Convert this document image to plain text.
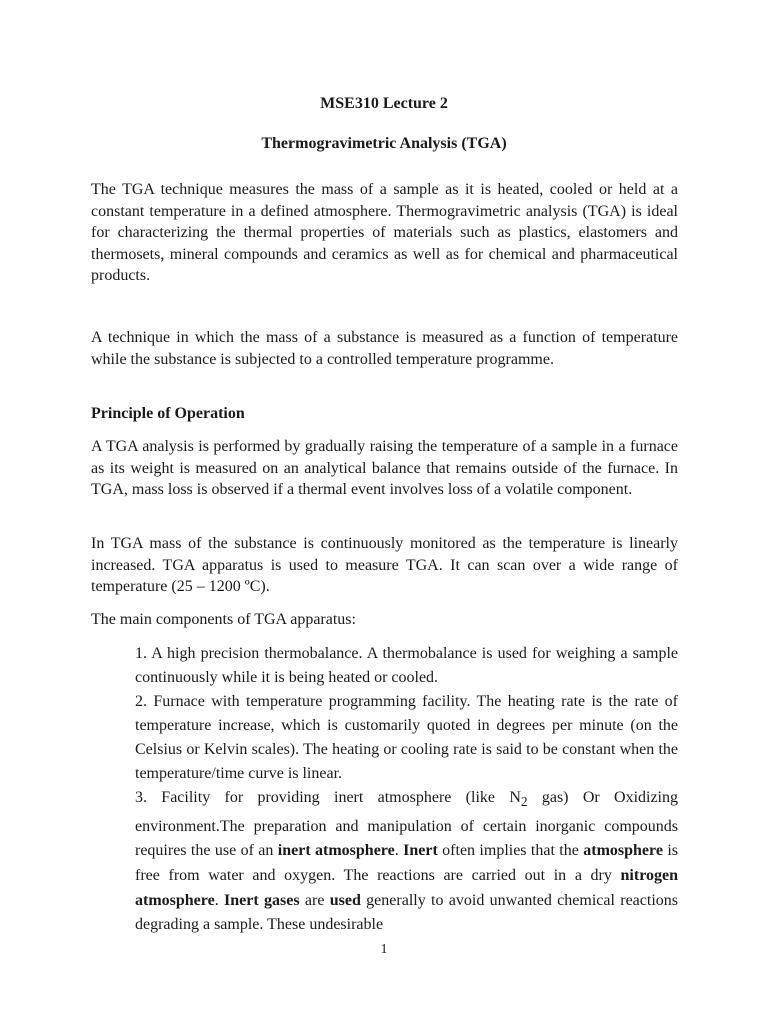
MSE310 Lecture 2
Thermogravimetric Analysis (TGA)

The TGA technique measures the mass of a sample as it is heated, cooled or held at a constant temperature in a defined atmosphere. Thermogravimetric analysis (TGA) is ideal for characterizing the thermal properties of materials such as plastics, elastomers and thermosets, mineral compounds and ceramics as well as for chemical and pharmaceutical products.

A technique in which the mass of a substance is measured as a function of temperature while the substance is subjected to a controlled temperature programme.

Principle of Operation

A TGA analysis is performed by gradually raising the temperature of a sample in a furnace as its weight is measured on an analytical balance that remains outside of the furnace. In TGA, mass loss is observed if a thermal event involves loss of a volatile component.

In TGA mass of the substance is continuously monitored as the temperature is linearly increased. TGA apparatus is used to measure TGA. It can scan over a wide range of temperature (25 – 1200 ºC).

The main components of TGA apparatus:

1. A high precision thermobalance. A thermobalance is used for weighing a sample continuously while it is being heated or cooled.

2. Furnace with temperature programming facility. The heating rate is the rate of temperature increase, which is customarily quoted in degrees per minute (on the Celsius or Kelvin scales). The heating or cooling rate is said to be constant when the temperature/time curve is linear.

3. Facility for providing inert atmosphere (like $N_2$ gas) Or Oxidizing environment.The preparation and manipulation of certain inorganic compounds requires the use of an inert atmosphere. Inert often implies that the atmosphere is free from water and oxygen. The reactions are carried out in a dry nitrogen atmosphere. Inert gases are used generally to avoid unwanted chemical reactions degrading a sample. These undesirable

1
